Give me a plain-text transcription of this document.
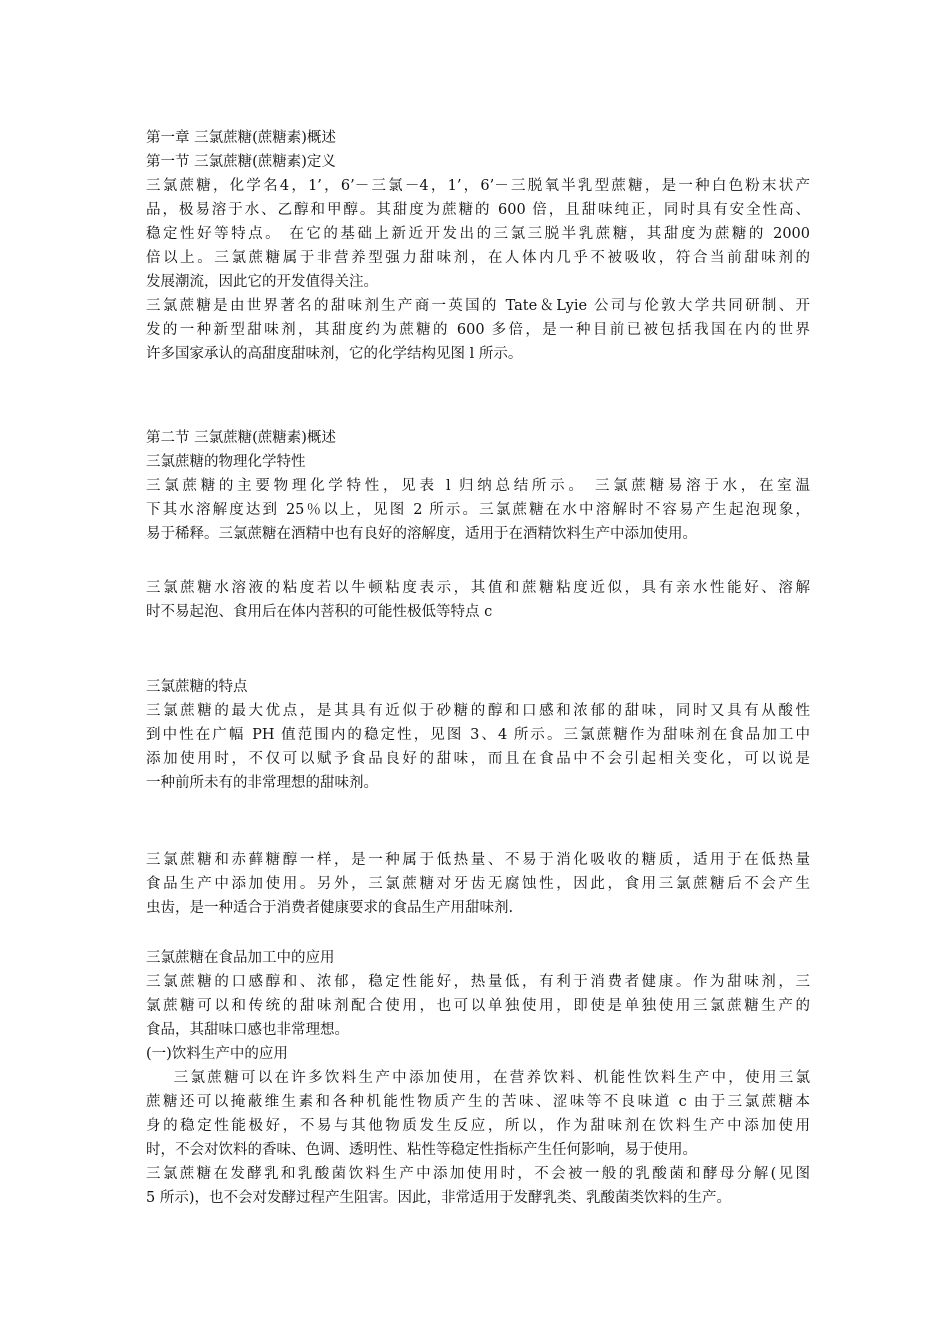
第一章 三氯蔗糖(蔗糖素)概述
第一节 三氯蔗糖(蔗糖素)定义
三氯蔗糖，化学名4，1’，6’－三氯－4，1’，6’－三脱氧半乳型蔗糖，是一种白色粉末状产
品，极易溶于水、乙醇和甲醇。其甜度为蔗糖的 600 倍，且甜味纯正，同时具有安全性高、
稳定性好等特点。 在它的基础上新近开发出的三氯三脱半乳蔗糖，其甜度为蔗糖的 2000
倍以上。三氯蔗糖属于非营养型强力甜味剂，在人体内几乎不被吸收，符合当前甜味剂的
发展潮流，因此它的开发值得关注。
三氯蔗糖是由世界著名的甜味剂生产商一英国的 Tate＆Lyie 公司与伦敦大学共同研制、开
发的一种新型甜味剂，其甜度约为蔗糖的 600 多倍，是一种目前已被包括我国在内的世界
许多国家承认的高甜度甜味剂，它的化学结构见图 l 所示。
第二节 三氯蔗糖(蔗糖素)概述
三氯蔗糖的物理化学特性
三氯蔗糖的主要物理化学特性，见表 l 归纳总结所示。 三氯蔗糖易溶于水，在室温
下其水溶解度达到 25％以上，见图 2 所示。三氯蔗糖在水中溶解时不容易产生起泡现象，
易于稀释。三氯蔗糖在酒精中也有良好的溶解度，适用于在酒精饮料生产中添加使用。
三氯蔗糖水溶液的粘度若以牛顿粘度表示，其值和蔗糖粘度近似，具有亲水性能好、溶解
时不易起泡、食用后在体内菩积的可能性极低等特点 c
三氯蔗糖的特点
三氯蔗糖的最大优点，是其具有近似于砂糖的醇和口感和浓郁的甜味，同时又具有从酸性
到中性在广幅 PH 值范围内的稳定性，见图 3、4 所示。三氯蔗糖作为甜味剂在食品加工中
添加使用时，不仅可以赋予食品良好的甜味，而且在食品中不会引起相关变化，可以说是
一种前所未有的非常理想的甜味剂。
三氯蔗糖和赤藓糖醇一样，是一种属于低热量、不易于消化吸收的糖质，适用于在低热量
食品生产中添加使用。另外，三氯蔗糖对牙齿无腐蚀性，因此，食用三氯蔗糖后不会产生
虫齿，是一种适合于消费者健康要求的食品生产用甜味剂.
三氯蔗糖在食品加工中的应用
三氯蔗糖的口感醇和、浓郁，稳定性能好，热量低，有利于消费者健康。作为甜味剂，三
氯蔗糖可以和传统的甜味剂配合使用，也可以单独使用，即使是单独使用三氯蔗糖生产的
食品，其甜味口感也非常理想。
(一)饮料生产中的应用
三氯蔗糖可以在许多饮料生产中添加使用，在营养饮料、机能性饮料生产中，使用三氯
蔗糖还可以掩蔽维生素和各种机能性物质产生的苦味、涩味等不良味道 c 由于三氯蔗糖本
身的稳定性能极好，不易与其他物质发生反应，所以，作为甜味剂在饮料生产中添加使用
时，不会对饮料的香味、色调、透明性、粘性等稳定性指标产生任何影响，易于使用。
三氯蔗糖在发酵乳和乳酸菌饮料生产中添加使用时，不会被一般的乳酸菌和酵母分解(见图
5 所示)，也不会对发酵过程产生阻害。因此，非常适用于发酵乳类、乳酸菌类饮料的生产。
